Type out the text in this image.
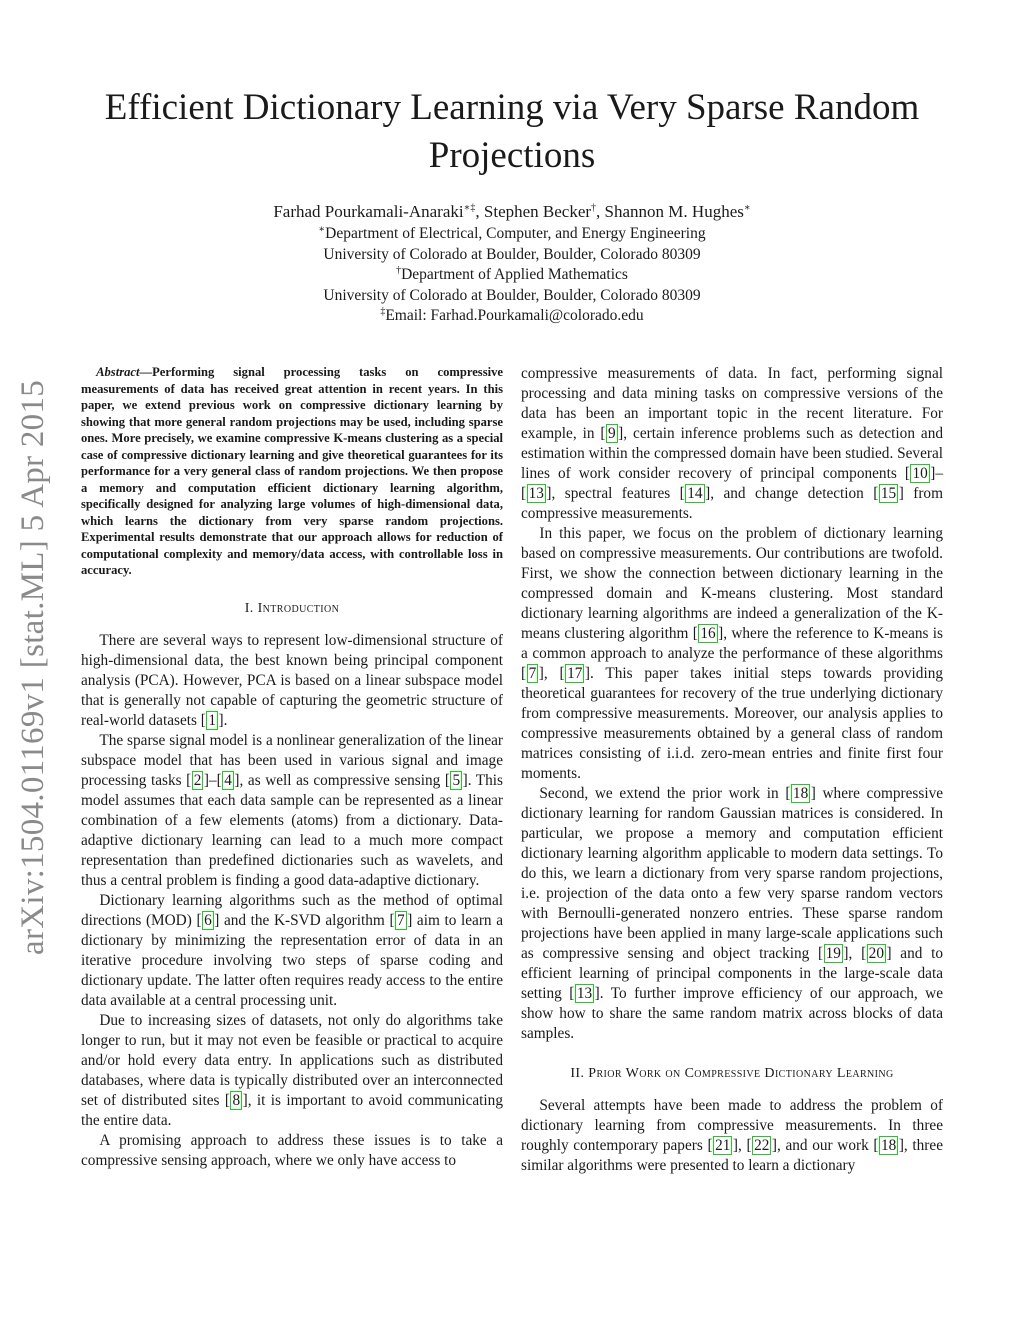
Efficient Dictionary Learning via Very Sparse Random Projections
Farhad Pourkamali-Anaraki∗‡, Stephen Becker†, Shannon M. Hughes∗
∗Department of Electrical, Computer, and Energy Engineering
University of Colorado at Boulder, Boulder, Colorado 80309
†Department of Applied Mathematics
University of Colorado at Boulder, Boulder, Colorado 80309
‡Email: Farhad.Pourkamali@colorado.edu
arXiv:1504.01169v1 [stat.ML] 5 Apr 2015

Abstract—Performing signal processing tasks on compressive measurements of data has received great attention in recent years. In this paper, we extend previous work on compressive dictionary learning by showing that more general random projections may be used, including sparse ones. More precisely, we examine compressive K-means clustering as a special case of compressive dictionary learning and give theoretical guarantees for its performance for a very general class of random projections. We then propose a memory and computation efficient dictionary learning algorithm, specifically designed for analyzing large volumes of high-dimensional data, which learns the dictionary from very sparse random projections. Experimental results demonstrate that our approach allows for reduction of computational complexity and memory/data access, with controllable loss in accuracy.

I. Introduction

There are several ways to represent low-dimensional structure of high-dimensional data, the best known being principal component analysis (PCA). However, PCA is based on a linear subspace model that is generally not capable of capturing the geometric structure of real-world datasets [ 1 ].

The sparse signal model is a nonlinear generalization of the linear subspace model that has been used in various signal and image processing tasks [ 2 ]–[ 4 ], as well as compressive sensing [ 5 ]. This model assumes that each data sample can be represented as a linear combination of a few elements (atoms) from a dictionary. Data-adaptive dictionary learning can lead to a much more compact representation than predefined dictionaries such as wavelets, and thus a central problem is finding a good data-adaptive dictionary.

Dictionary learning algorithms such as the method of optimal directions (MOD) [ 6 ] and the K-SVD algorithm [ 7 ] aim to learn a dictionary by minimizing the representation error of data in an iterative procedure involving two steps of sparse coding and dictionary update. The latter often requires ready access to the entire data available at a central processing unit.

Due to increasing sizes of datasets, not only do algorithms take longer to run, but it may not even be feasible or practical to acquire and/or hold every data entry. In applications such as distributed databases, where data is typically distributed over an interconnected set of distributed sites [ 8 ], it is important to avoid communicating the entire data.

A promising approach to address these issues is to take a compressive sensing approach, where we only have access to

compressive measurements of data. In fact, performing signal processing and data mining tasks on compressive versions of the data has been an important topic in the recent literature. For example, in [ 9 ], certain inference problems such as detection and estimation within the compressed domain have been studied. Several lines of work consider recovery of principal components [ 10 ]–[ 13 ], spectral features [ 14 ], and change detection [ 15 ] from compressive measurements.

In this paper, we focus on the problem of dictionary learning based on compressive measurements. Our contributions are twofold. First, we show the connection between dictionary learning in the compressed domain and K-means clustering. Most standard dictionary learning algorithms are indeed a generalization of the K-means clustering algorithm [ 16 ], where the reference to K-means is a common approach to analyze the performance of these algorithms [ 7 ], [ 17 ]. This paper takes initial steps towards providing theoretical guarantees for recovery of the true underlying dictionary from compressive measurements. Moreover, our analysis applies to compressive measurements obtained by a general class of random matrices consisting of i.i.d. zero-mean entries and finite first four moments.

Second, we extend the prior work in [ 18 ] where compressive dictionary learning for random Gaussian matrices is considered. In particular, we propose a memory and computation efficient dictionary learning algorithm applicable to modern data settings. To do this, we learn a dictionary from very sparse random projections, i.e. projection of the data onto a few very sparse random vectors with Bernoulli-generated nonzero entries. These sparse random projections have been applied in many large-scale applications such as compressive sensing and object tracking [ 19 ], [ 20 ] and to efficient learning of principal components in the large-scale data setting [ 13 ]. To further improve efficiency of our approach, we show how to share the same random matrix across blocks of data samples.

II. Prior Work on Compressive Dictionary Learning

Several attempts have been made to address the problem of dictionary learning from compressive measurements. In three roughly contemporary papers [ 21 ], [ 22 ], and our work [ 18 ], three similar algorithms were presented to learn a dictionary
